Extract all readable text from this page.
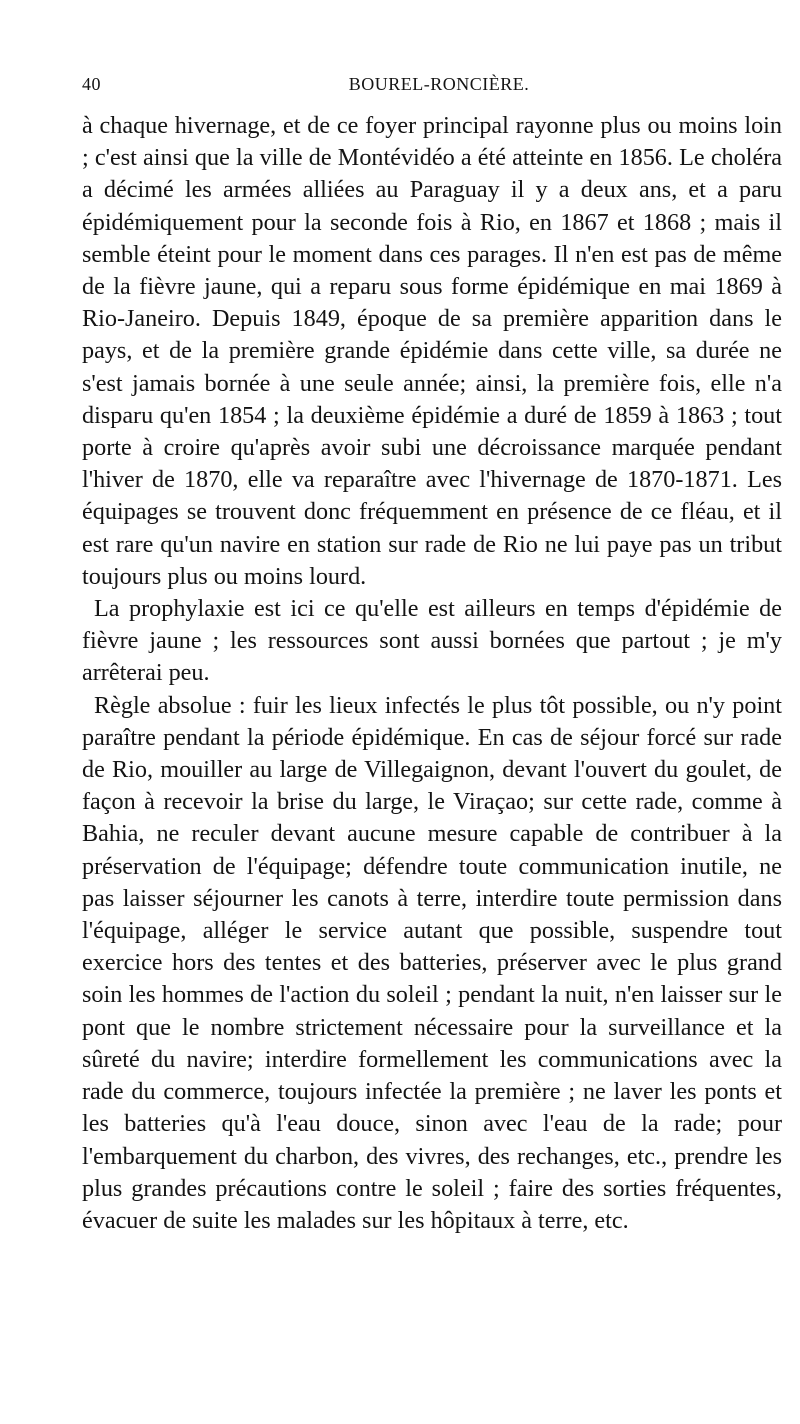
40	BOUREL-RONCIÈRE.

à chaque hivernage, et de ce foyer principal rayonne plus ou moins loin ; c'est ainsi que la ville de Montévidéo a été atteinte en 1856. Le choléra a décimé les armées alliées au Paraguay il y a deux ans, et a paru épidémiquement pour la seconde fois à Rio, en 1867 et 1868 ; mais il semble éteint pour le moment dans ces parages. Il n'en est pas de même de la fièvre jaune, qui a reparu sous forme épidémique en mai 1869 à Rio-Janeiro. Depuis 1849, époque de sa première apparition dans le pays, et de la première grande épidémie dans cette ville, sa durée ne s'est jamais bornée à une seule année; ainsi, la première fois, elle n'a disparu qu'en 1854 ; la deuxième épidémie a duré de 1859 à 1863 ; tout porte à croire qu'après avoir subi une décroissance marquée pendant l'hiver de 1870, elle va reparaître avec l'hivernage de 1870-1871. Les équipages se trouvent donc fréquemment en présence de ce fléau, et il est rare qu'un navire en station sur rade de Rio ne lui paye pas un tribut toujours plus ou moins lourd.

La prophylaxie est ici ce qu'elle est ailleurs en temps d'épidémie de fièvre jaune ; les ressources sont aussi bornées que partout ; je m'y arrêterai peu.

Règle absolue : fuir les lieux infectés le plus tôt possible, ou n'y point paraître pendant la période épidémique. En cas de séjour forcé sur rade de Rio, mouiller au large de Villegaignon, devant l'ouvert du goulet, de façon à recevoir la brise du large, le Viraçao; sur cette rade, comme à Bahia, ne reculer devant aucune mesure capable de contribuer à la préservation de l'équipage; défendre toute communication inutile, ne pas laisser séjourner les canots à terre, interdire toute permission dans l'équipage, alléger le service autant que possible, suspendre tout exercice hors des tentes et des batteries, préserver avec le plus grand soin les hommes de l'action du soleil ; pendant la nuit, n'en laisser sur le pont que le nombre strictement nécessaire pour la surveillance et la sûreté du navire; interdire formellement les communications avec la rade du commerce, toujours infectée la première ; ne laver les ponts et les batteries qu'à l'eau douce, sinon avec l'eau de la rade; pour l'embarquement du charbon, des vivres, des rechanges, etc., prendre les plus grandes précautions contre le soleil ; faire des sorties fréquentes, évacuer de suite les malades sur les hôpitaux à terre, etc.
